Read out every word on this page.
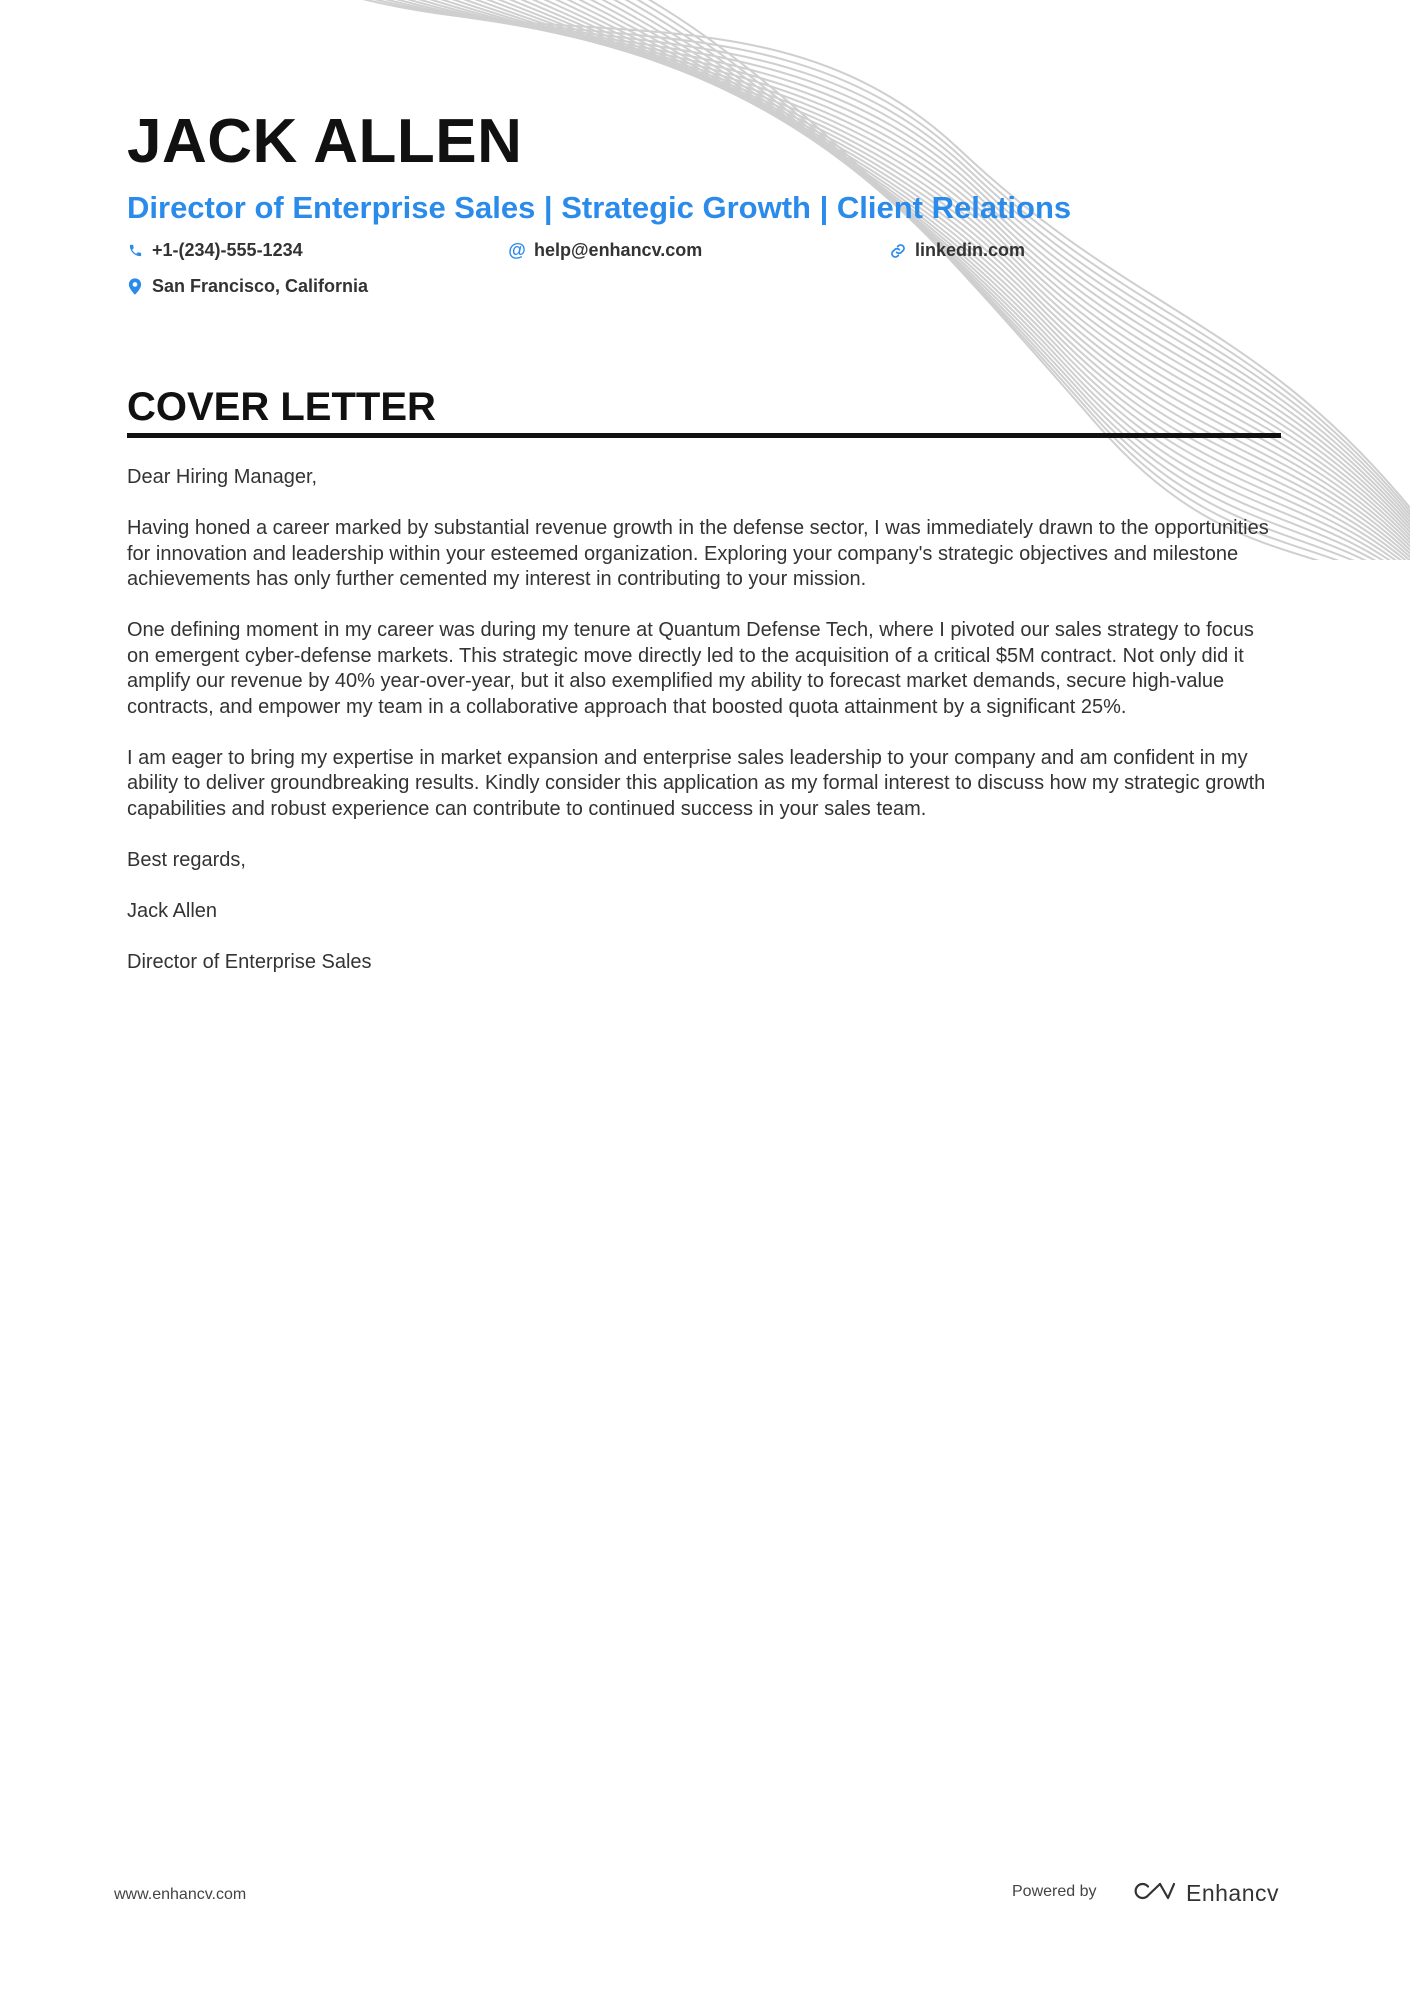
JACK ALLEN
Director of Enterprise Sales | Strategic Growth | Client Relations
+1-(234)-555-1234	@ help@enhancv.com	linkedin.com
San Francisco, California
COVER LETTER

Dear Hiring Manager,

Having honed a career marked by substantial revenue growth in the defense sector, I was immediately drawn to the opportunities for innovation and leadership within your esteemed organization. Exploring your company's strategic objectives and milestone achievements has only further cemented my interest in contributing to your mission.

One defining moment in my career was during my tenure at Quantum Defense Tech, where I pivoted our sales strategy to focus on emergent cyber-defense markets. This strategic move directly led to the acquisition of a critical $5M contract. Not only did it amplify our revenue by 40% year-over-year, but it also exemplified my ability to forecast market demands, secure high-value contracts, and empower my team in a collaborative approach that boosted quota attainment by a significant 25%.

I am eager to bring my expertise in market expansion and enterprise sales leadership to your company and am confident in my ability to deliver groundbreaking results. Kindly consider this application as my formal interest to discuss how my strategic growth capabilities and robust experience can contribute to continued success in your sales team.

Best regards,

Jack Allen

Director of Enterprise Sales

www.enhancv.com	Powered by	Enhancv
